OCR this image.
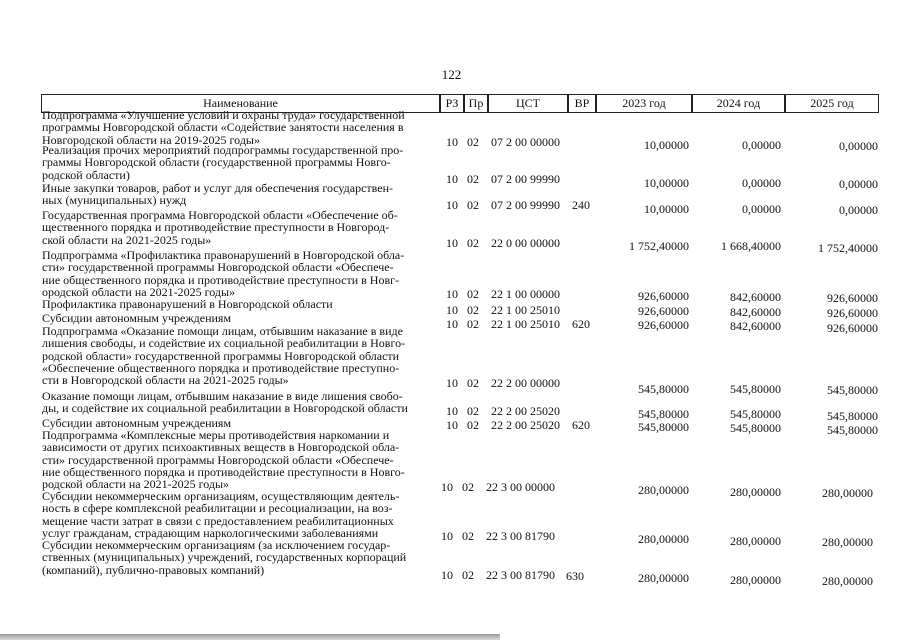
122
Наименование	РЗ Пр	ЦСТ	ВР	2023 год	2024 год	2025 год
Подпрограмма «Улучшение условий и охраны труда» государственной
программы Новгородской области «Содействие занятости населения в
Новгородской области на 2019-2025 годы»	10 02 07 2 00 00000	10,00000	0,00000	0,00000
Реализация прочих мероприятий подпрограммы государственной про-
граммы Новгородской области (государственной программы Новго-
родской области)	10 02 07 2 00 99990	10,00000	0,00000	0,00000
Иные закупки товаров, работ и услуг для обеспечения государствен-
ных (муниципальных) нужд	10 02 07 2 00 99990 240	10,00000	0,00000	0,00000
Государственная программа Новгородской области «Обеспечение об-
щественного порядка и противодействие преступности в Новгород-
ской области на 2021-2025 годы»	10 02 22 0 00 00000	1 752,40000	1 668,40000	1 752,40000
Подпрограмма «Профилактика правонарушений в Новгородской обла-
сти» государственной программы Новгородской области «Обеспече-
ние общественного порядка и противодействие преступности в Новг-
ородской области на 2021-2025 годы»	10 02 22 1 00 00000	926,60000	842,60000	926,60000
Профилактика правонарушений в Новгородской области	10 02 22 1 00 25010	926,60000	842,60000	926,60000
Субсидии автономным учреждениям	10 02 22 1 00 25010 620	926,60000	842,60000	926,60000
Подпрограмма «Оказание помощи лицам, отбывшим наказание в виде
лишения свободы, и содействие их социальной реабилитации в Новго-
родской области» государственной программы Новгородской области
«Обеспечение общественного порядка и противодействие преступно-
сти в Новгородской области на 2021-2025 годы»	10 02 22 2 00 00000	545,80000	545,80000	545,80000
Оказание помощи лицам, отбывшим наказание в виде лишения свобо-
ды, и содействие их социальной реабилитации в Новгородской области	10 02 22 2 00 25020	545,80000	545,80000	545,80000
Субсидии автономным учреждениям	10 02 22 2 00 25020 620	545,80000	545,80000	545,80000
Подпрограмма «Комплексные меры противодействия наркомании и
зависимости от других психоактивных веществ в Новгородской обла-
сти» государственной программы Новгородской области «Обеспече-
ние общественного порядка и противодействие преступности в Новго-
родской области на 2021-2025 годы»	10 02 22 3 00 00000	280,00000	280,00000	280,00000
Субсидии некоммерческим организациям, осуществляющим деятель-
ность в сфере комплексной реабилитации и ресоциализации, на воз-
мещение части затрат в связи с предоставлением реабилитационных
услуг гражданам, страдающим наркологическими заболеваниями	10 02 22 3 00 81790	280,00000	280,00000	280,00000
Субсидии некоммерческим организациям (за исключением государ-
ственных (муниципальных) учреждений, государственных корпораций
(компаний), публично-правовых компаний)	10 02 22 3 00 81790 630	280,00000	280,00000	280,00000
